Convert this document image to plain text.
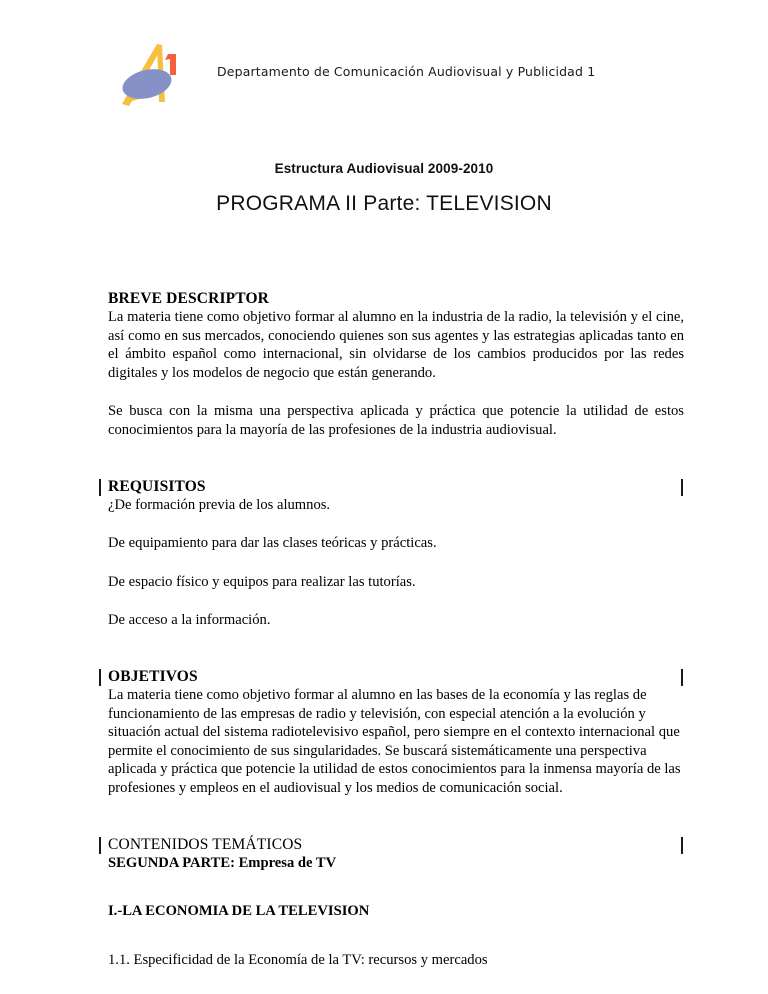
Departamento de Comunicación Audiovisual y Publicidad 1
Estructura Audiovisual 2009-2010
PROGRAMA II Parte: TELEVISION
BREVE DESCRIPTOR

La materia tiene como objetivo formar al alumno en la industria de la radio, la televisión y el cine, así como en sus mercados, conociendo quienes son sus agentes y las estrategias aplicadas tanto en el ámbito español como internacional, sin olvidarse de los cambios producidos por las redes digitales y los modelos de negocio que están generando.

Se busca con la misma una perspectiva aplicada y práctica que potencie la utilidad de estos conocimientos para la mayoría de las profesiones de la industria audiovisual.

REQUISITOS

¿De formación previa de los alumnos.

De equipamiento para dar las clases teóricas y prácticas.

De espacio físico y equipos para realizar las tutorías.

De acceso a la información.

OBJETIVOS

La materia tiene como objetivo formar al alumno en las bases de la economía y las reglas de funcionamiento de las empresas de radio y televisión, con especial atención a la evolución y situación actual del sistema radiotelevisivo español, pero siempre en el contexto internacional que permite el conocimiento de sus singularidades. Se buscará sistemáticamente una perspectiva aplicada y práctica que potencie la utilidad de estos conocimientos para la inmensa mayoría de las profesiones y empleos en el audiovisual y los medios de comunicación social.

CONTENIDOS TEMÁTICOS

SEGUNDA PARTE: Empresa de TV

I.-LA ECONOMIA DE LA TELEVISION

1.1. Especificidad de la Economía de la TV: recursos y mercados
